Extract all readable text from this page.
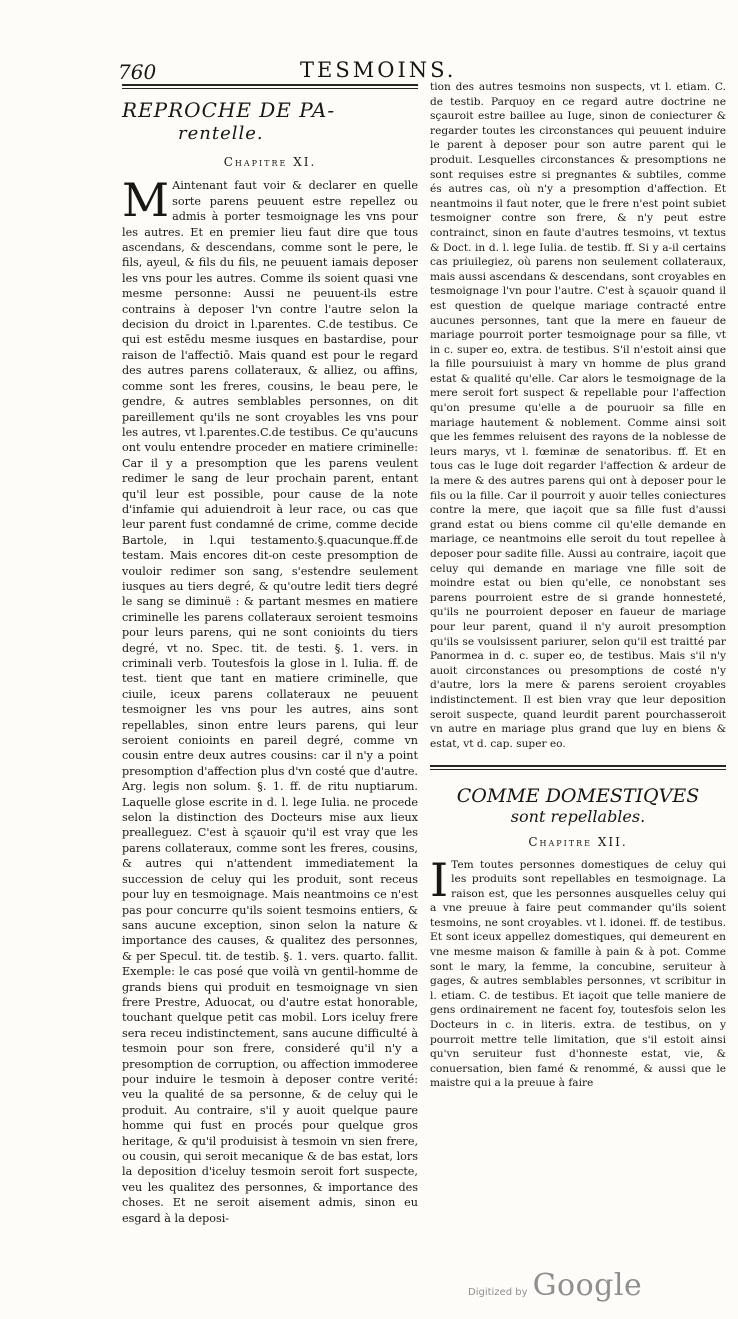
760	TESMOINS.
REPROCHE DE PA-
rentelle.
Chapitre XI.

M Aintenant faut voir & declarer en quelle sorte parens peuuent estre repellez ou admis à porter tesmoignage les vns pour les autres. Et en premier lieu faut dire que tous ascendans, & descendans, comme sont le pere, le fils, ayeul, & fils du fils, ne peuuent iamais deposer les vns pour les autres. Comme ils soient quasi vne mesme personne: Aussi ne peuuent-ils estre contrains à deposer l'vn contre l'autre selon la decision du droict in l.parentes. C.de testibus. Ce qui est estēdu mesme iusques en bastardise, pour raison de l'affectiō. Mais quand est pour le regard des autres parens collateraux, & alliez, ou affins, comme sont les freres, cousins, le beau pere, le gendre, & autres semblables personnes, on dit pareillement qu'ils ne sont croyables les vns pour les autres, vt l.parentes.C.de testibus. Ce qu'aucuns ont voulu entendre proceder en matiere criminelle: Car il y a presomption que les parens veulent redimer le sang de leur prochain parent, entant qu'il leur est possible, pour cause de la note d'infamie qui aduiendroit à leur race, ou cas que leur parent fust condamné de crime, comme decide Bartole, in l.qui testamento.§.quacunque.ff.de testam. Mais encores dit-on ceste presomption de vouloir redimer son sang, s'estendre seulement iusques au tiers degré, & qu'outre ledit tiers degré le sang se diminuë : & partant mesmes en matiere criminelle les parens collateraux seroient tesmoins pour leurs parens, qui ne sont conioints du tiers degré, vt no. Spec. tit. de testi. §. 1. vers. in criminali verb. Toutesfois la glose in l. Iulia. ff. de test. tient que tant en matiere criminelle, que ciuile, iceux parens collateraux ne peuuent tesmoigner les vns pour les autres, ains sont repellables, sinon entre leurs parens, qui leur seroient conioints en pareil degré, comme vn cousin entre deux autres cousins: car il n'y a point presomption d'affection plus d'vn costé que d'autre. Arg. legis non solum. §. 1. ff. de ritu nuptiarum. Laquelle glose escrite in d. l. lege Iulia. ne procede selon la distinction des Docteurs mise aux lieux prealleguez. C'est à sçauoir qu'il est vray que les parens collateraux, comme sont les freres, cousins, & autres qui n'attendent immediatement la succession de celuy qui les produit, sont receus pour luy en tesmoignage. Mais neantmoins ce n'est pas pour concurre qu'ils soient tesmoins entiers, & sans aucune exception, sinon selon la nature & importance des causes, & qualitez des personnes, & per Specul. tit. de testib. §. 1. vers. quarto. fallit. Exemple: le cas posé que voilà vn gentil-homme de grands biens qui produit en tesmoignage vn sien frere Prestre, Aduocat, ou d'autre estat honorable, touchant quelque petit cas mobil. Lors iceluy frere sera receu indistinctement, sans aucune difficulté à tesmoin pour son frere, consideré qu'il n'y a presomption de corruption, ou affection immoderee pour induire le tesmoin à deposer contre verité: veu la qualité de sa personne, & de celuy qui le produit. Au contraire, s'il y auoit quelque paure homme qui fust en procés pour quelque gros heritage, & qu'il produisist à tesmoin vn sien frere, ou cousin, qui seroit mecanique & de bas estat, lors la deposition d'iceluy tesmoin seroit fort suspecte, veu les qualitez des personnes, & importance des choses. Et ne seroit aisement admis, sinon eu esgard à la deposi-

tion des autres tesmoins non suspects, vt l. etiam. C. de testib. Parquoy en ce regard autre doctrine ne sçauroit estre baillee au Iuge, sinon de coniecturer & regarder toutes les circonstances qui peuuent induire le parent à deposer pour son autre parent qui le produit. Lesquelles circonstances & presomptions ne sont requises estre si pregnantes & subtiles, comme és autres cas, où n'y a presomption d'affection. Et neantmoins il faut noter, que le frere n'est point subiet tesmoigner contre son frere, & n'y peut estre contrainct, sinon en faute d'autres tesmoins, vt textus & Doct. in d. l. lege Iulia. de testib. ff. Si y a-il certains cas priuilegiez, où parens non seulement collateraux, mais aussi ascendans & descendans, sont croyables en tesmoignage l'vn pour l'autre. C'est à sçauoir quand il est question de quelque mariage contracté entre aucunes personnes, tant que la mere en faueur de mariage pourroit porter tesmoignage pour sa fille, vt in c. super eo, extra. de testibus. S'il n'estoit ainsi que la fille poursuiuist à mary vn homme de plus grand estat & qualité qu'elle. Car alors le tesmoignage de la mere seroit fort suspect & repellable pour l'affection qu'on presume qu'elle a de pouruoir sa fille en mariage hautement & noblement. Comme ainsi soit que les femmes reluisent des rayons de la noblesse de leurs marys, vt l. fœminæ de senatoribus. ff. Et en tous cas le Iuge doit regarder l'affection & ardeur de la mere & des autres parens qui ont à deposer pour le fils ou la fille. Car il pourroit y auoir telles coniectures contre la mere, que iaçoit que sa fille fust d'aussi grand estat ou biens comme cil qu'elle demande en mariage, ce neantmoins elle seroit du tout repellee à deposer pour sadite fille. Aussi au contraire, iaçoit que celuy qui demande en mariage vne fille soit de moindre estat ou bien qu'elle, ce nonobstant ses parens pourroient estre de si grande honnesteté, qu'ils ne pourroient deposer en faueur de mariage pour leur parent, quand il n'y auroit presomption qu'ils se voulsissent pariurer, selon qu'il est traitté par Panormea in d. c. super eo, de testibus. Mais s'il n'y auoit circonstances ou presomptions de costé n'y d'autre, lors la mere & parens seroient croyables indistinctement. Il est bien vray que leur deposition seroit suspecte, quand leurdit parent pourchasseroit vn autre en mariage plus grand que luy en biens & estat, vt d. cap. super eo.

COMME DOMESTIQVES
sont repellables.
Chapitre XII.

I Tem toutes personnes domestiques de celuy qui les produits sont repellables en tesmoignage. La raison est, que les personnes ausquelles celuy qui a vne preuue à faire peut commander qu'ils soient tesmoins, ne sont croyables. vt l. idonei. ff. de testibus. Et sont iceux appellez domestiques, qui demeurent en vne mesme maison & famille à pain & à pot. Comme sont le mary, la femme, la concubine, seruiteur à gages, & autres semblables personnes, vt scribitur in l. etiam. C. de testibus. Et iaçoit que telle maniere de gens ordinairement ne facent foy, toutesfois selon les Docteurs in c. in literis. extra. de testibus, on y pourroit mettre telle limitation, que s'il estoit ainsi qu'vn seruiteur fust d'honneste estat, vie, & conuersation, bien famé & renommé, & aussi que le maistre qui a la preuue à faire

Digitized by Google
